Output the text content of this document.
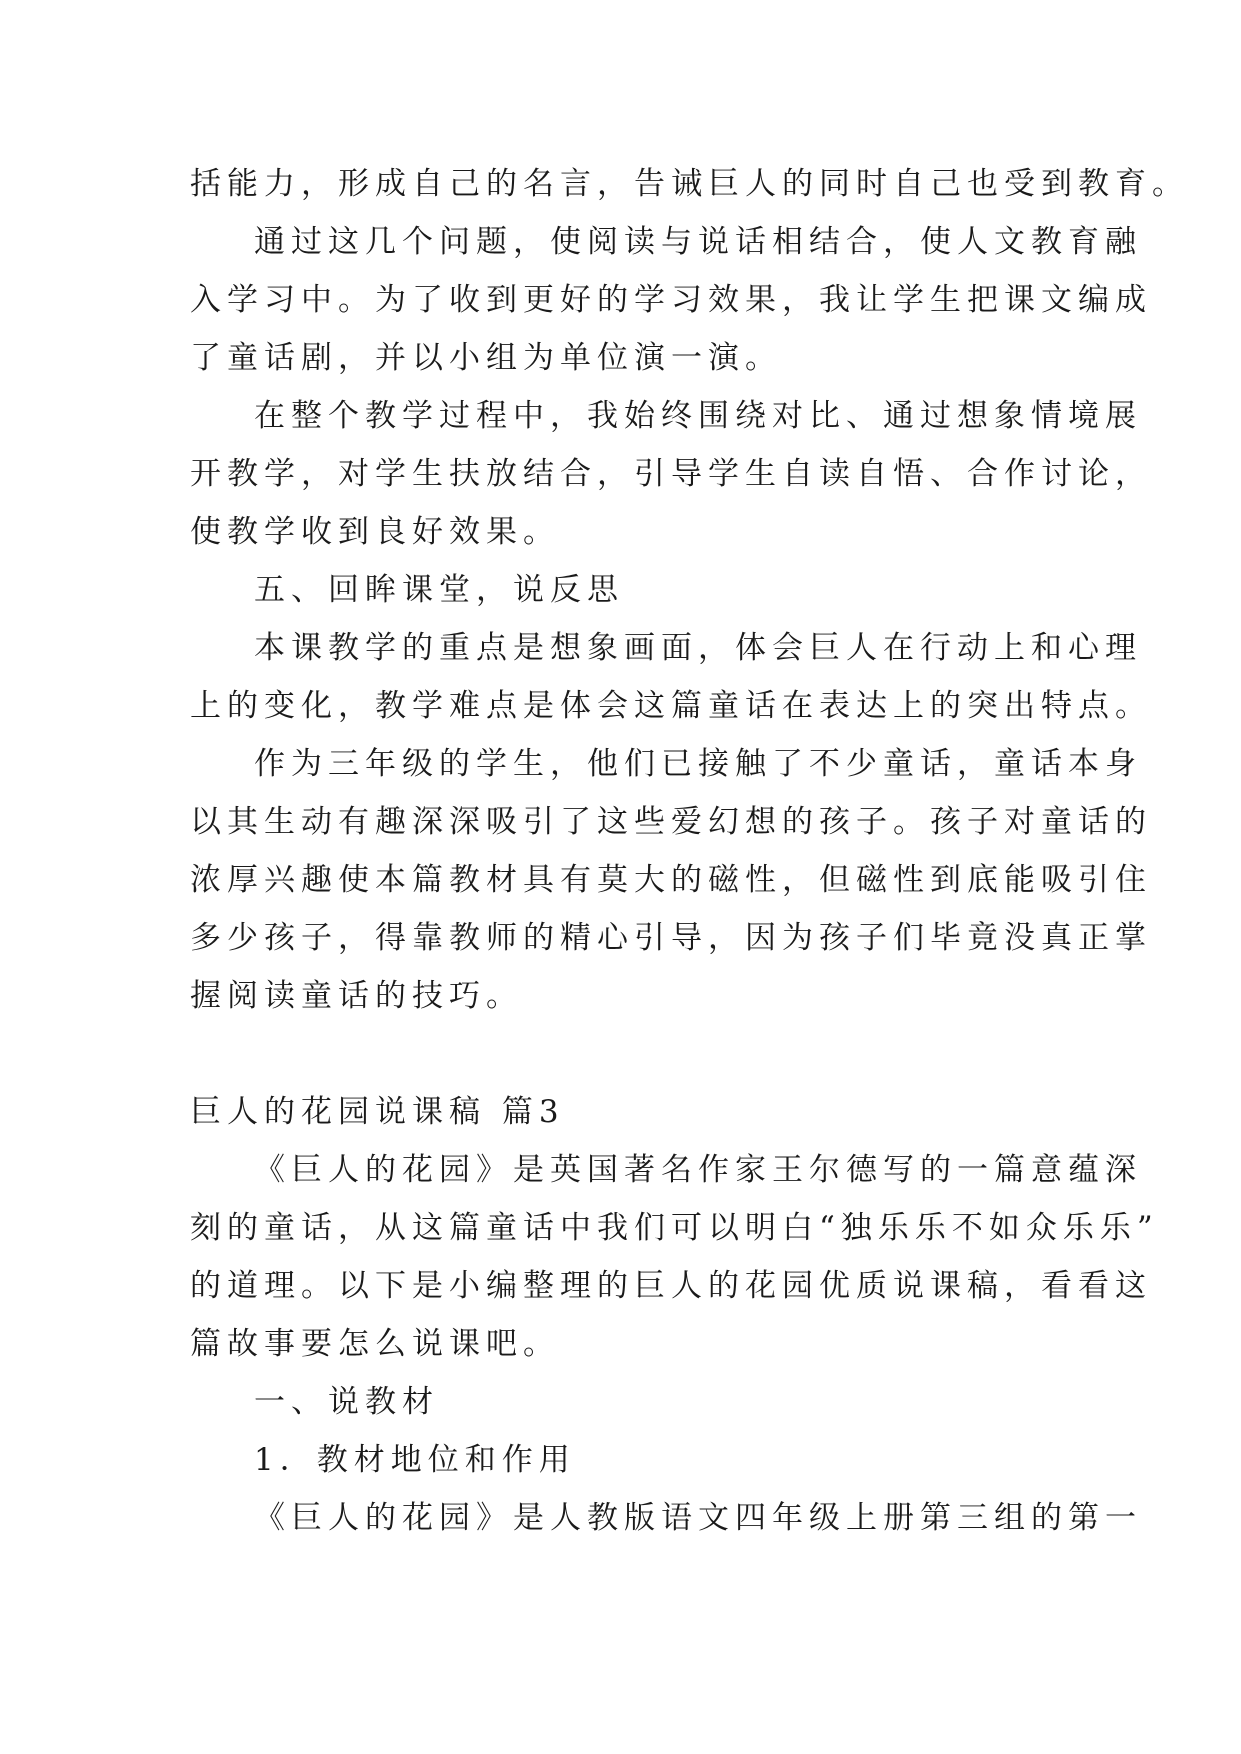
括能力，形成自己的名言，告诫巨人的同时自己也受到教育。
通过这几个问题，使阅读与说话相结合，使人文教育融
入学习中。为了收到更好的学习效果，我让学生把课文编成
了童话剧，并以小组为单位演一演。
在整个教学过程中，我始终围绕对比、通过想象情境展
开教学，对学生扶放结合，引导学生自读自悟、合作讨论，
使教学收到良好效果。
五、回眸课堂，说反思
本课教学的重点是想象画面，体会巨人在行动上和心理
上的变化，教学难点是体会这篇童话在表达上的突出特点。
作为三年级的学生，他们已接触了不少童话，童话本身
以其生动有趣深深吸引了这些爱幻想的孩子。孩子对童话的
浓厚兴趣使本篇教材具有莫大的磁性，但磁性到底能吸引住
多少孩子，得靠教师的精心引导，因为孩子们毕竟没真正掌
握阅读童话的技巧。
巨人的花园说课稿 篇3
《巨人的花园》是英国著名作家王尔德写的一篇意蕴深
刻的童话，从这篇童话中我们可以明白“独乐乐不如众乐乐”
的道理。以下是小编整理的巨人的花园优质说课稿，看看这
篇故事要怎么说课吧。
一、说教材
1．教材地位和作用
《巨人的花园》是人教版语文四年级上册第三组的第一
